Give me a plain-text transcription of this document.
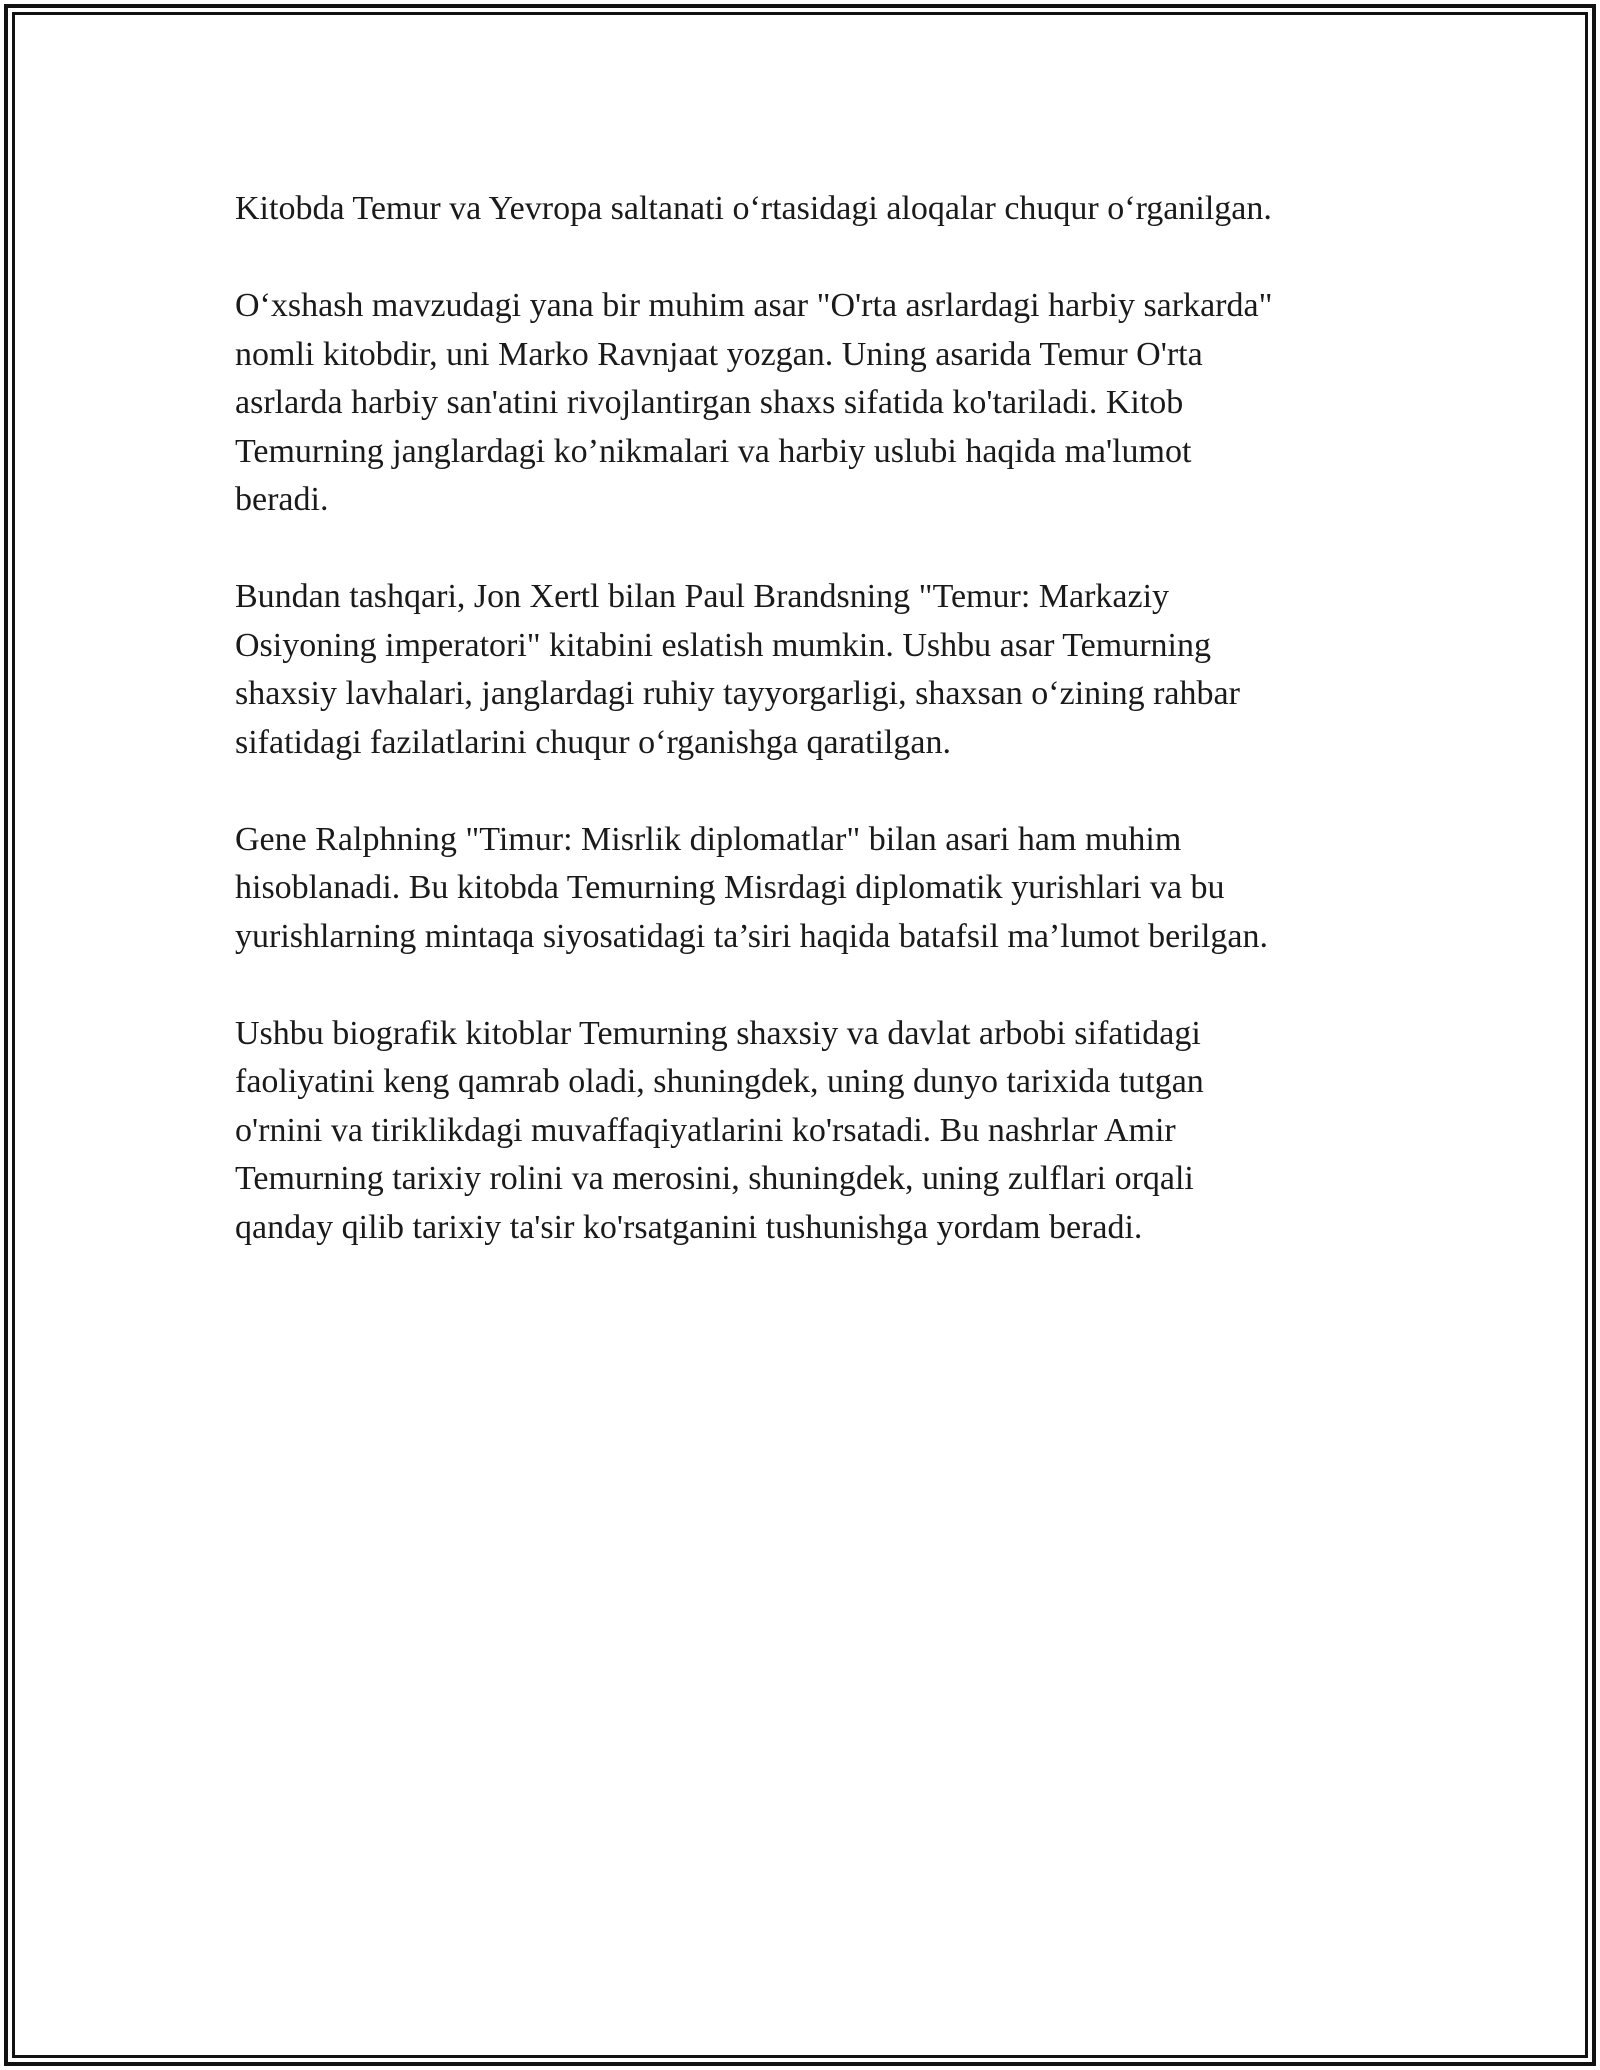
Kitobda Temur va Yevropa saltanati oʻrtasidagi aloqalar chuqur oʻrganilgan.

Oʻxshash mavzudagi yana bir muhim asar "O'rta asrlardagi harbiy sarkarda"
nomli kitobdir, uni Marko Ravnjaat yozgan. Uning asarida Temur O'rta
asrlarda harbiy san'atini rivojlantirgan shaxs sifatida ko'tariladi. Kitob
Temurning janglardagi ko’nikmalari va harbiy uslubi haqida ma'lumot
beradi.

Bundan tashqari, Jon Xertl bilan Paul Brandsning "Temur: Markaziy
Osiyoning imperatori" kitabini eslatish mumkin. Ushbu asar Temurning
shaxsiy lavhalari, janglardagi ruhiy tayyorgarligi, shaxsan oʻzining rahbar
sifatidagi fazilatlarini chuqur oʻrganishga qaratilgan.

Gene Ralphning "Timur: Misrlik diplomatlar" bilan asari ham muhim
hisoblanadi. Bu kitobda Temurning Misrdagi diplomatik yurishlari va bu
yurishlarning mintaqa siyosatidagi ta’siri haqida batafsil ma’lumot berilgan.

Ushbu biografik kitoblar Temurning shaxsiy va davlat arbobi sifatidagi
faoliyatini keng qamrab oladi, shuningdek, uning dunyo tarixida tutgan
o'rnini va tiriklikdagi muvaffaqiyatlarini ko'rsatadi. Bu nashrlar Amir
Temurning tarixiy rolini va merosini, shuningdek, uning zulflari orqali
qanday qilib tarixiy ta'sir ko'rsatganini tushunishga yordam beradi.
